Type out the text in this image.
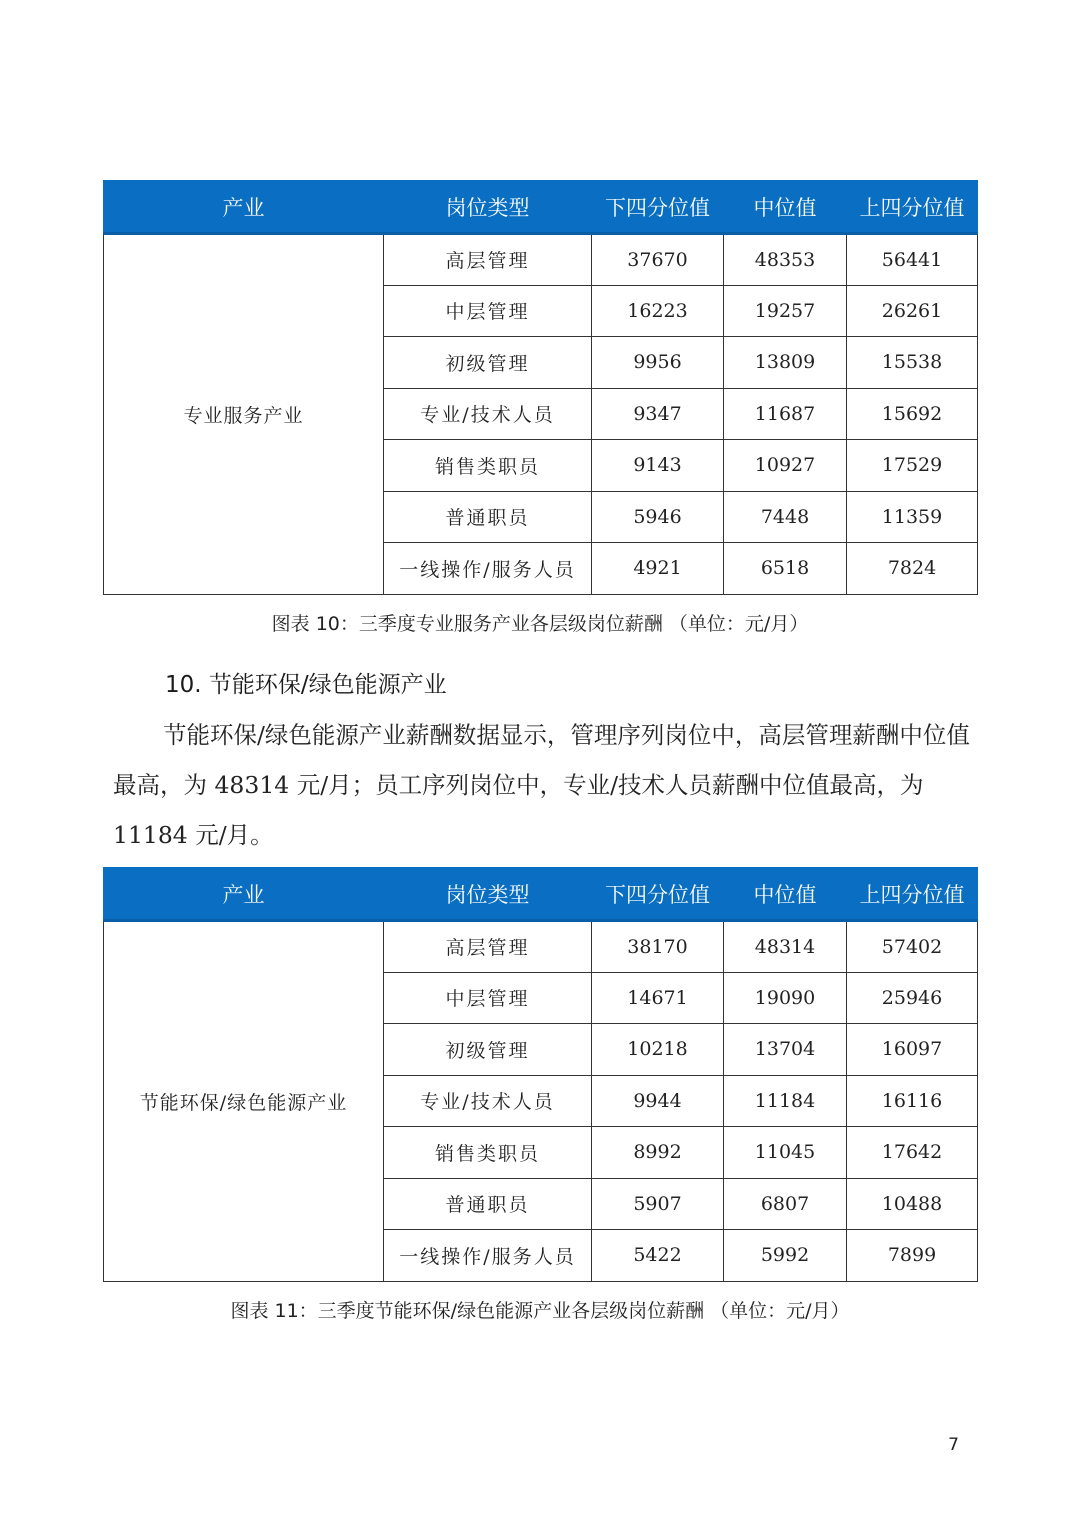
产业	岗位类型	下四分位值	中位值	上四分位值
专业服务产业	高层管理	37670	48353	56441
	中层管理	16223	19257	26261
	初级管理	9956	13809	15538
	专业/技术人员	9347	11687	15692
	销售类职员	9143	10927	17529
	普通职员	5946	7448	11359
	一线操作/服务人员	4921	6518	7824
图表 10：三季度专业服务产业各层级岗位薪酬 （单位：元/月）
10. 节能环保/绿色能源产业

节能环保/绿色能源产业薪酬数据显示，管理序列岗位中，高层管理薪酬中位值最高，为 48314 元/月；员工序列岗位中，专业/技术人员薪酬中位值最高，为 11184 元/月。

产业	岗位类型	下四分位值	中位值	上四分位值
节能环保/绿色能源产业	高层管理	38170	48314	57402
	中层管理	14671	19090	25946
	初级管理	10218	13704	16097
	专业/技术人员	9944	11184	16116
	销售类职员	8992	11045	17642
	普通职员	5907	6807	10488
	一线操作/服务人员	5422	5992	7899
图表 11：三季度节能环保/绿色能源产业各层级岗位薪酬 （单位：元/月）
7
